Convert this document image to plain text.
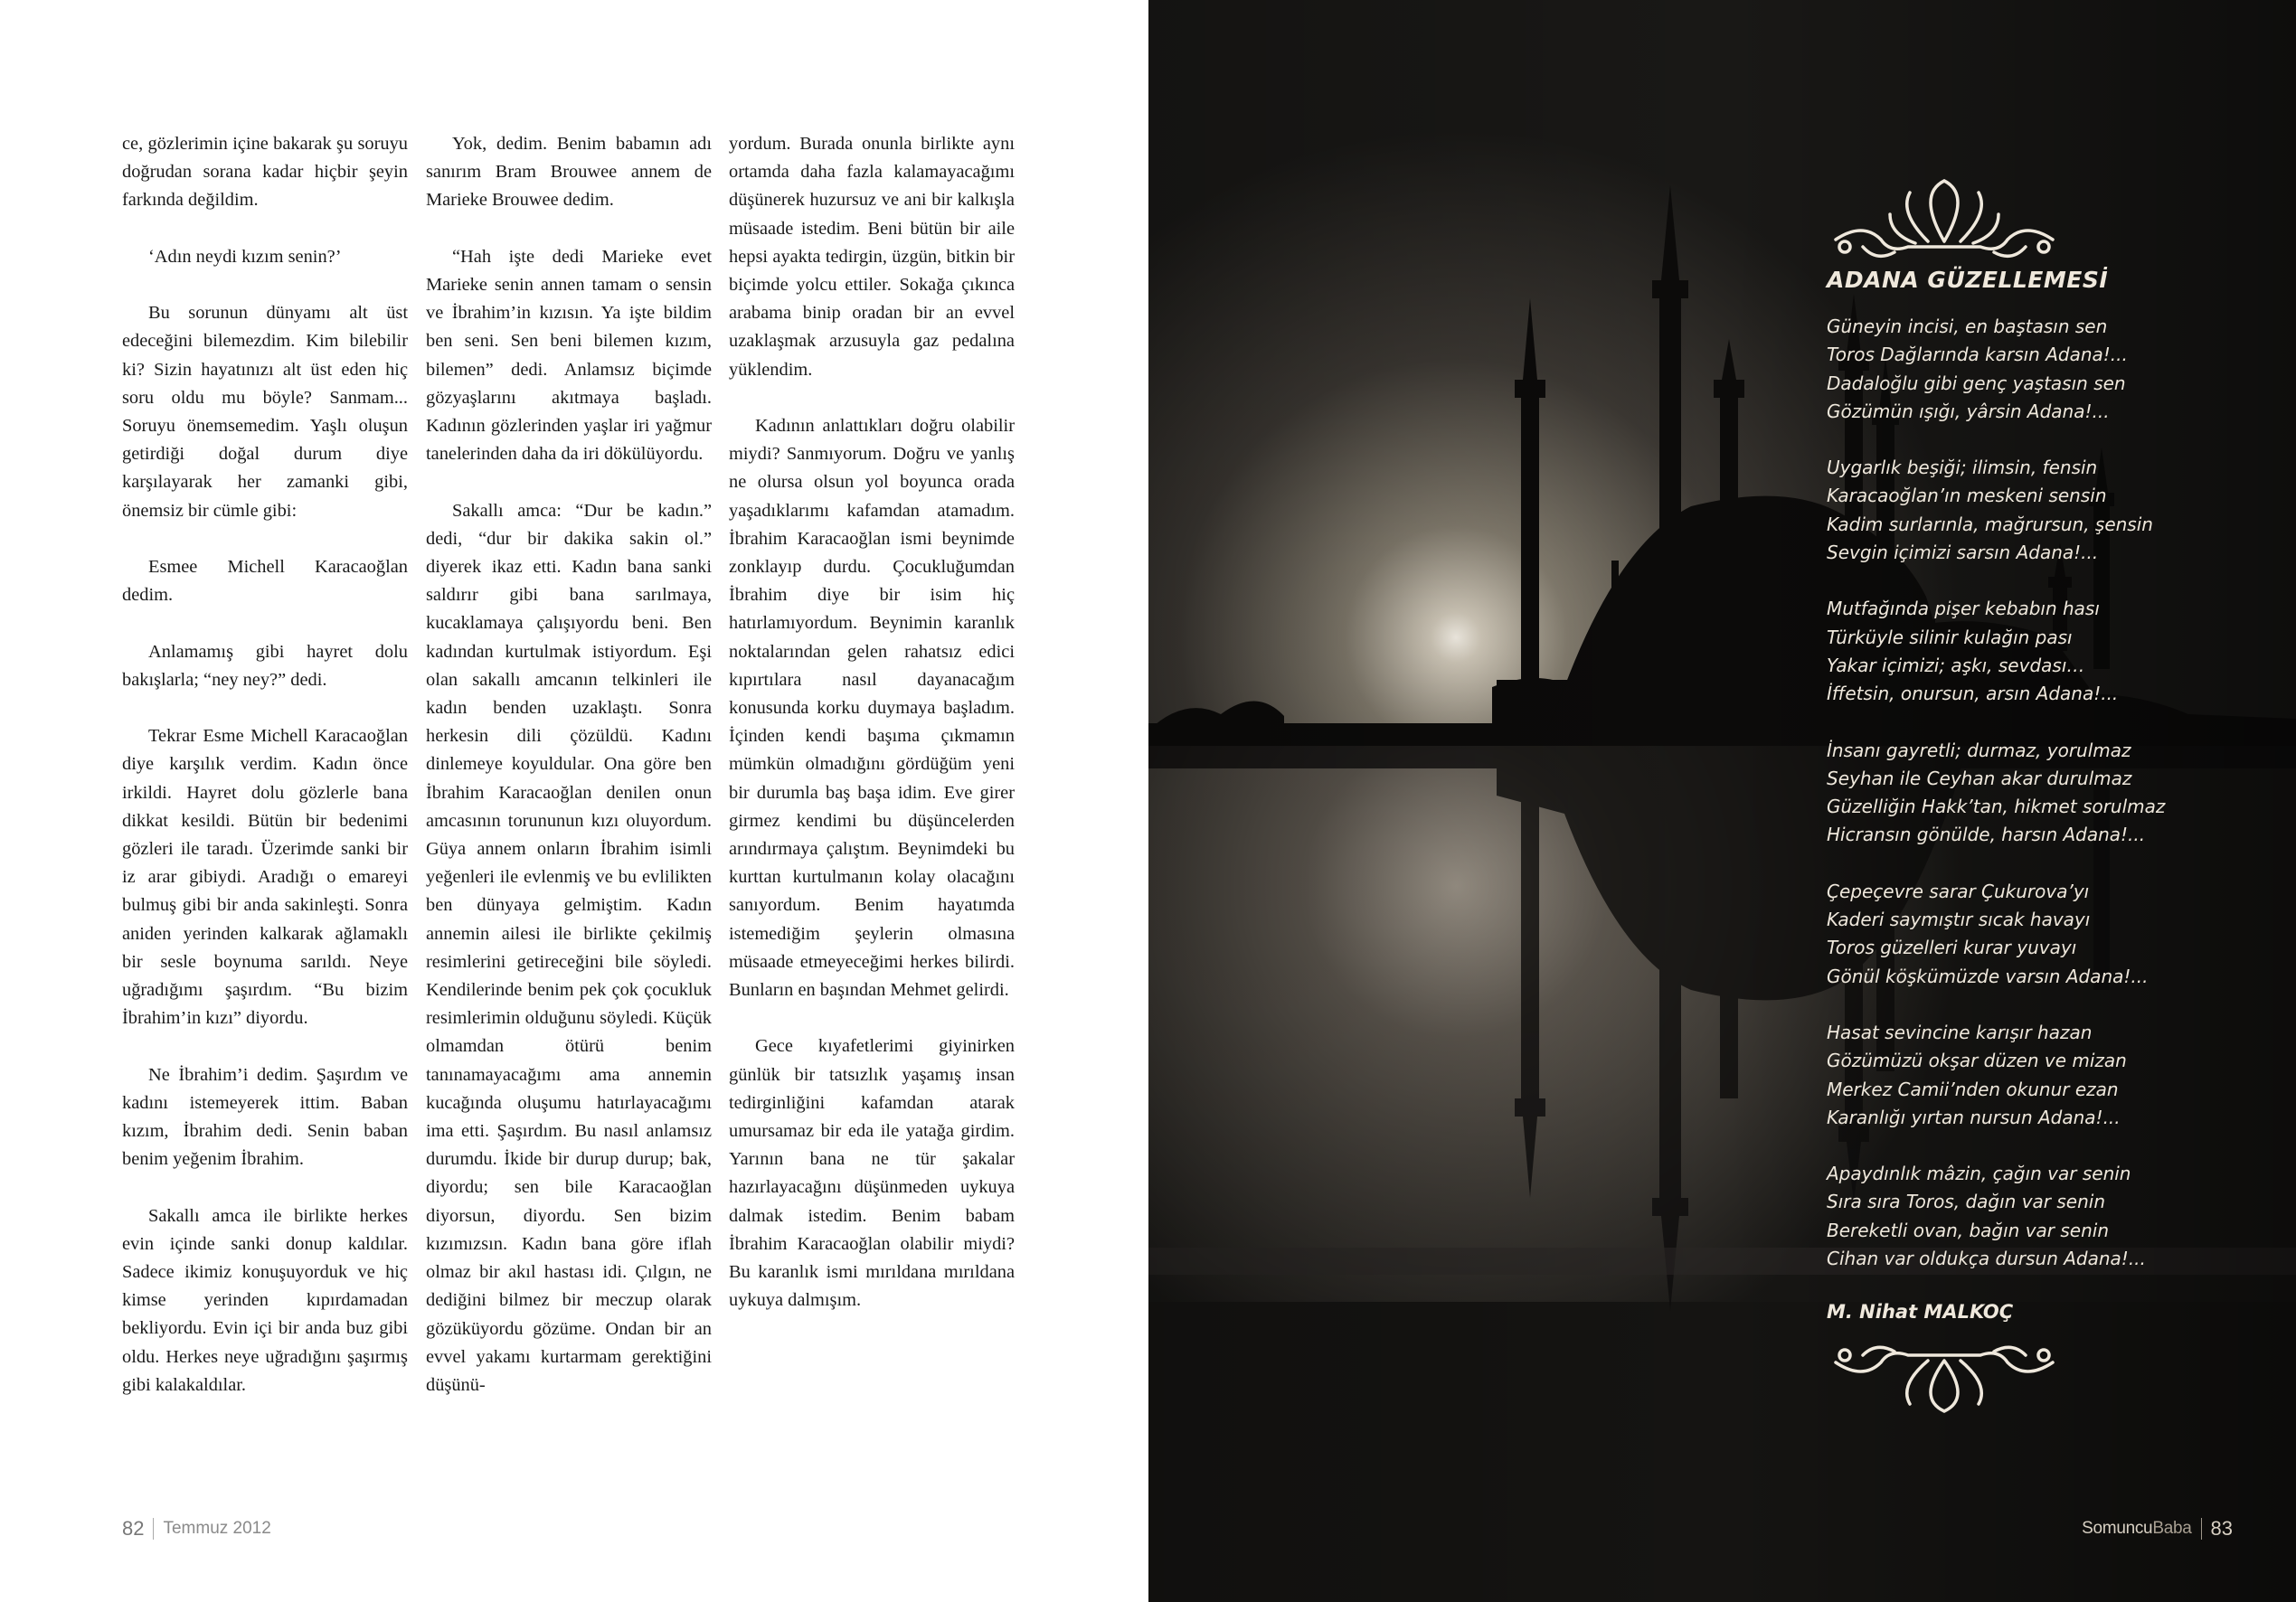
ce, gözlerimin içine bakarak şu soruyu doğrudan sorana kadar hiçbir şeyin farkında değildim.

‘Adın neydi kızım senin?’

Bu sorunun dünyamı alt üst edeceğini bilemezdim. Kim bilebilir ki? Sizin hayatınızı alt üst eden hiç soru oldu mu böyle? Sanmam... Soruyu önemsemedim. Yaşlı oluşun getirdiği doğal durum diye karşılayarak her zamanki gibi, önemsiz bir cümle gibi:

Esmee Michell Karacaoğlan dedim.

Anlamamış gibi hayret dolu bakışlarla; “ney ney?” dedi.

Tekrar Esme Michell Karacaoğlan diye karşılık verdim. Kadın önce irkildi. Hayret dolu gözlerle bana dikkat kesildi. Bütün bir bedenimi gözleri ile taradı. Üzerimde sanki bir iz arar gibiydi. Aradığı o emareyi bulmuş gibi bir anda sakinleşti. Sonra aniden yerinden kalkarak ağlamaklı bir sesle boynuma sarıldı. Neye uğradığımı şaşırdım. “Bu bizim İbrahim’in kızı” diyordu.

Ne İbrahim’i dedim. Şaşırdım ve kadını istemeyerek ittim. Baban kızım, İbrahim dedi. Senin baban benim yeğenim İbrahim.

Sakallı amca ile birlikte herkes evin içinde sanki donup kaldılar. Sadece ikimiz konuşuyorduk ve hiç kimse yerinden kıpırdamadan bekliyordu. Evin içi bir anda buz gibi oldu. Herkes neye uğradığını şaşırmış gibi kalakaldılar.

Yok, dedim. Benim babamın adı sanırım Bram Brouwee annem de Marieke Brouwee dedim.

“Hah işte dedi Marieke evet Marieke senin annen tamam o sensin ve İbrahim’in kızısın. Ya işte bildim ben seni. Sen beni bilemen kızım, bilemen” dedi. Anlamsız biçimde gözyaşlarını akıtmaya başladı. Kadının gözlerinden yaşlar iri yağmur tanelerinden daha da iri dökülüyordu.

Sakallı amca: “Dur be kadın.” dedi, “dur bir dakika sakin ol.” diyerek ikaz etti. Kadın bana sanki saldırır gibi bana sarılmaya, kucaklamaya çalışıyordu beni. Ben kadından kurtulmak istiyordum. Eşi olan sakallı amcanın telkinleri ile kadın benden uzaklaştı. Sonra herkesin dili çözüldü. Kadını dinlemeye koyuldular. Ona göre ben İbrahim Karacaoğlan denilen onun amcasının torununun kızı oluyordum. Güya annem onların İbrahim isimli yeğenleri ile evlenmiş ve bu evlilikten ben dünyaya gelmiştim. Kadın annemin ailesi ile birlikte çekilmiş resimlerini getireceğini bile söyledi. Kendilerinde benim pek çok çocukluk resimlerimin olduğunu söyledi. Küçük olmamdan ötürü benim tanınamayacağımı ama annemin kucağında oluşumu hatırlayacağımı ima etti. Şaşırdım. Bu nasıl anlamsız durumdu. İkide bir durup durup; bak, diyordu; sen bile Karacaoğlan diyorsun, diyordu. Sen bizim kızımızsın. Kadın bana göre iflah olmaz bir akıl hastası idi. Çılgın, ne dediğini bilmez bir meczup olarak gözüküyordu gözüme. Ondan bir an evvel yakamı kurtarmam gerektiğini düşünü-

yordum. Burada onunla birlikte aynı ortamda daha fazla kalamayacağımı düşünerek huzursuz ve ani bir kalkışla müsaade istedim. Beni bütün bir aile hepsi ayakta tedirgin, üzgün, bitkin bir biçimde yolcu ettiler. Sokağa çıkınca arabama binip oradan bir an evvel uzaklaşmak arzusuyla gaz pedalına yüklendim.

Kadının anlattıkları doğru olabilir miydi? Sanmıyorum. Doğru ve yanlış ne olursa olsun yol boyunca orada yaşadıklarımı kafamdan atamadım. İbrahim Karacaoğlan ismi beynimde zonklayıp durdu. Çocukluğumdan İbrahim diye bir isim hiç hatırlamıyordum. Beynimin karanlık noktalarından gelen rahatsız edici kıpırtılara nasıl dayanacağım konusunda korku duymaya başladım. İçinden kendi başıma çıkmamın mümkün olmadığını gördüğüm yeni bir durumla baş başa idim. Eve girer girmez kendimi bu düşüncelerden arındırmaya çalıştım. Beynimdeki bu kurttan kurtulmanın kolay olacağını sanıyordum. Benim hayatımda istemediğim şeylerin olmasına müsaade etmeyeceğimi herkes bilirdi. Bunların en başından Mehmet gelirdi.

Gece kıyafetlerimi giyinirken günlük bir tatsızlık yaşamış insan tedirginliğini kafamdan atarak umursamaz bir eda ile yatağa girdim. Yarının bana ne tür şakalar hazırlayacağını düşünmeden uykuya dalmak istedim. Benim babam İbrahim Karacaoğlan olabilir miydi? Bu karanlık ismi mırıldana mırıldana uykuya dalmışım.

82 Temmuz 2012
ADANA GÜZELLEMESİ
Güneyin incisi, en baştasın sen
Toros Dağlarında karsın Adana!...
Dadaloğlu gibi genç yaştasın sen
Gözümün ışığı, yârsin Adana!...
Uygarlık beşiği; ilimsin, fensin
Karacaoğlan’ın meskeni sensin
Kadim surlarınla, mağrursun, şensin
Sevgin içimizi sarsın Adana!...
Mutfağında pişer kebabın hası
Türküyle silinir kulağın pası
Yakar içimizi; aşkı, sevdası…
İffetsin, onursun, arsın Adana!...
İnsanı gayretli; durmaz, yorulmaz
Seyhan ile Ceyhan akar durulmaz
Güzelliğin Hakk’tan, hikmet sorulmaz
Hicransın gönülde, harsın Adana!...
Çepeçevre sarar Çukurova’yı
Kaderi saymıştır sıcak havayı
Toros güzelleri kurar yuvayı
Gönül köşkümüzde varsın Adana!...
Hasat sevincine karışır hazan
Gözümüzü okşar düzen ve mizan
Merkez Camii’nden okunur ezan
Karanlığı yırtan nursun Adana!...
Apaydınlık mâzin, çağın var senin
Sıra sıra Toros, dağın var senin
Bereketli ovan, bağın var senin
Cihan var oldukça dursun Adana!...
M. Nihat MALKOÇ
Somuncu Baba 83
